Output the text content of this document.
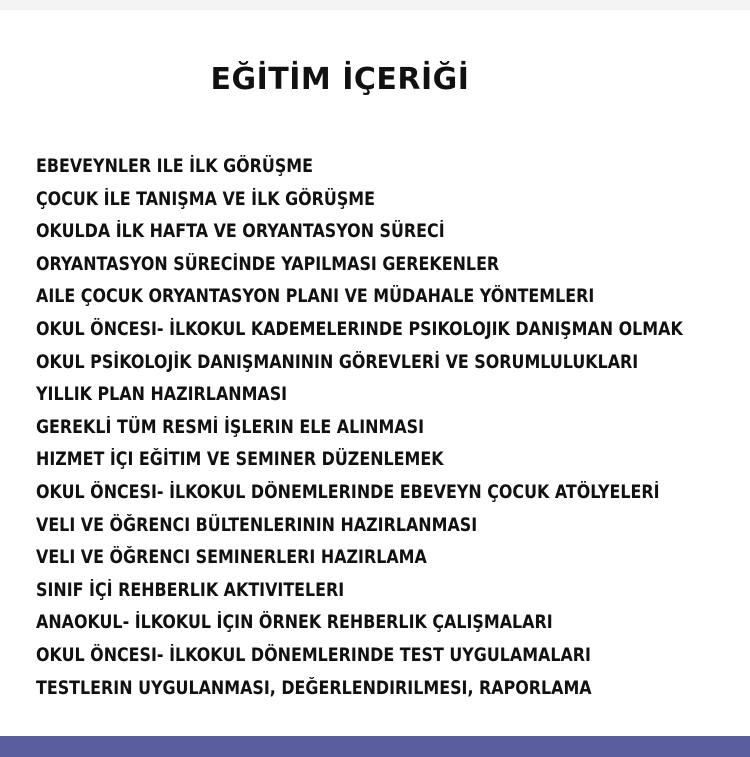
EĞİTİM İÇERİĞİ
EBEVEYNLER ILE İLK GÖRÜŞME
ÇOCUK İLE TANIŞMA VE İLK GÖRÜŞME
OKULDA İLK HAFTA VE ORYANTASYON SÜRECİ
ORYANTASYON SÜRECİNDE YAPILMASI GEREKENLER
AILE ÇOCUK ORYANTASYON PLANI VE MÜDAHALE YÖNTEMLERI
OKUL ÖNCESI- İLKOKUL KADEMELERINDE PSIKOLOJIK DANIŞMAN OLMAK
OKUL PSİKOLOJİK DANIŞMANININ GÖREVLERİ VE SORUMLULUKLARI
YILLIK PLAN HAZIRLANMASI
GEREKLİ TÜM RESMİ İŞLERIN ELE ALINMASI
HIZMET İÇI EĞİTIM VE SEMINER DÜZENLEMEK
OKUL ÖNCESI- İLKOKUL DÖNEMLERINDE EBEVEYN ÇOCUK ATÖLYELERİ
VELI VE ÖĞRENCI BÜLTENLERININ HAZIRLANMASI
VELI VE ÖĞRENCI SEMINERLERI HAZIRLAMA
SINIF İÇİ REHBERLIK AKTIVITELERI
ANAOKUL- İLKOKUL İÇIN ÖRNEK REHBERLIK ÇALIŞMALARI
OKUL ÖNCESI- İLKOKUL DÖNEMLERINDE TEST UYGULAMALARI
TESTLERIN UYGULANMASI, DEĞERLENDIRILMESI, RAPORLAMA
